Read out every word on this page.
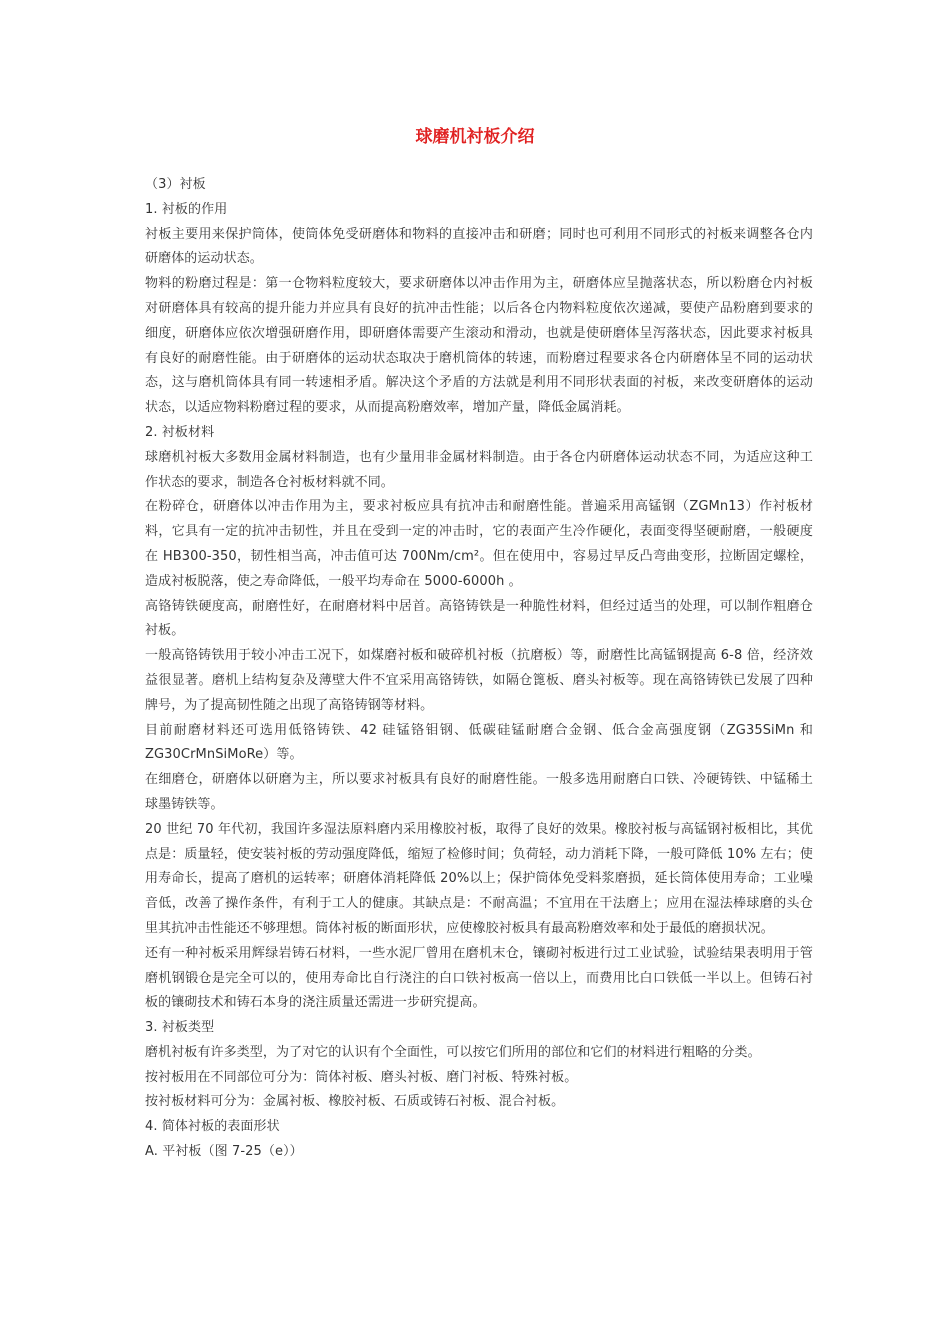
球磨机衬板介绍

（3）衬板

1. 衬板的作用

衬板主要用来保护筒体，使筒体免受研磨体和物料的直接冲击和研磨；同时也可利用不同形式的衬板来调整各仓内研磨体的运动状态。

物料的粉磨过程是：第一仓物料粒度较大，要求研磨体以冲击作用为主，研磨体应呈抛落状态，所以粉磨仓内衬板对研磨体具有较高的提升能力并应具有良好的抗冲击性能；以后各仓内物料粒度依次递减，要使产品粉磨到要求的细度，研磨体应依次增强研磨作用，即研磨体需要产生滚动和滑动，也就是使研磨体呈泻落状态，因此要求衬板具有良好的耐磨性能。由于研磨体的运动状态取决于磨机筒体的转速，而粉磨过程要求各仓内研磨体呈不同的运动状态，这与磨机筒体具有同一转速相矛盾。解决这个矛盾的方法就是利用不同形状表面的衬板，来改变研磨体的运动状态，以适应物料粉磨过程的要求，从而提高粉磨效率，增加产量，降低金属消耗。

2. 衬板材料

球磨机衬板大多数用金属材料制造，也有少量用非金属材料制造。由于各仓内研磨体运动状态不同，为适应这种工作状态的要求，制造各仓衬板材料就不同。

在粉碎仓，研磨体以冲击作用为主，要求衬板应具有抗冲击和耐磨性能。普遍采用高锰钢（ZGMn13）作衬板材料，它具有一定的抗冲击韧性，并且在受到一定的冲击时，它的表面产生冷作硬化，表面变得坚硬耐磨，一般硬度在 HB300-350，韧性相当高，冲击值可达 700Nm/cm²。但在使用中，容易过早反凸弯曲变形，拉断固定螺栓，造成衬板脱落，使之寿命降低，一般平均寿命在 5000-6000h 。

高铬铸铁硬度高，耐磨性好，在耐磨材料中居首。高铬铸铁是一种脆性材料，但经过适当的处理，可以制作粗磨仓衬板。

一般高铬铸铁用于较小冲击工况下，如煤磨衬板和破碎机衬板（抗磨板）等，耐磨性比高锰钢提高 6-8 倍，经济效益很显著。磨机上结构复杂及薄壁大件不宜采用高铬铸铁，如隔仓篦板、磨头衬板等。现在高铬铸铁已发展了四种牌号，为了提高韧性随之出现了高铬铸钢等材料。

目前耐磨材料还可选用低铬铸铁、42 硅锰铬钼钢、低碳硅锰耐磨合金钢、低合金高强度钢（ZG35SiMn 和 ZG30CrMnSiMoRe）等。

在细磨仓，研磨体以研磨为主，所以要求衬板具有良好的耐磨性能。一般多选用耐磨白口铁、冷硬铸铁、中锰稀土球墨铸铁等。

20 世纪 70 年代初，我国许多湿法原料磨内采用橡胶衬板，取得了良好的效果。橡胶衬板与高锰钢衬板相比，其优点是：质量轻，使安装衬板的劳动强度降低，缩短了检修时间；负荷轻，动力消耗下降，一般可降低 10% 左右；使用寿命长，提高了磨机的运转率；研磨体消耗降低 20%以上；保护筒体免受料浆磨损，延长筒体使用寿命；工业噪音低，改善了操作条件，有利于工人的健康。其缺点是：不耐高温；不宜用在干法磨上；应用在湿法棒球磨的头仓里其抗冲击性能还不够理想。筒体衬板的断面形状，应使橡胶衬板具有最高粉磨效率和处于最低的磨损状况。

还有一种衬板采用辉绿岩铸石材料，一些水泥厂曾用在磨机末仓，镶砌衬板进行过工业试验，试验结果表明用于管磨机钢锻仓是完全可以的，使用寿命比自行浇注的白口铁衬板高一倍以上，而费用比白口铁低一半以上。但铸石衬板的镶砌技术和铸石本身的浇注质量还需进一步研究提高。

3. 衬板类型

磨机衬板有许多类型，为了对它的认识有个全面性，可以按它们所用的部位和它们的材料进行粗略的分类。

按衬板用在不同部位可分为：筒体衬板、磨头衬板、磨门衬板、特殊衬板。

按衬板材料可分为：金属衬板、橡胶衬板、石质或铸石衬板、混合衬板。

4. 简体衬板的表面形状

A. 平衬板（图 7-25（e））
